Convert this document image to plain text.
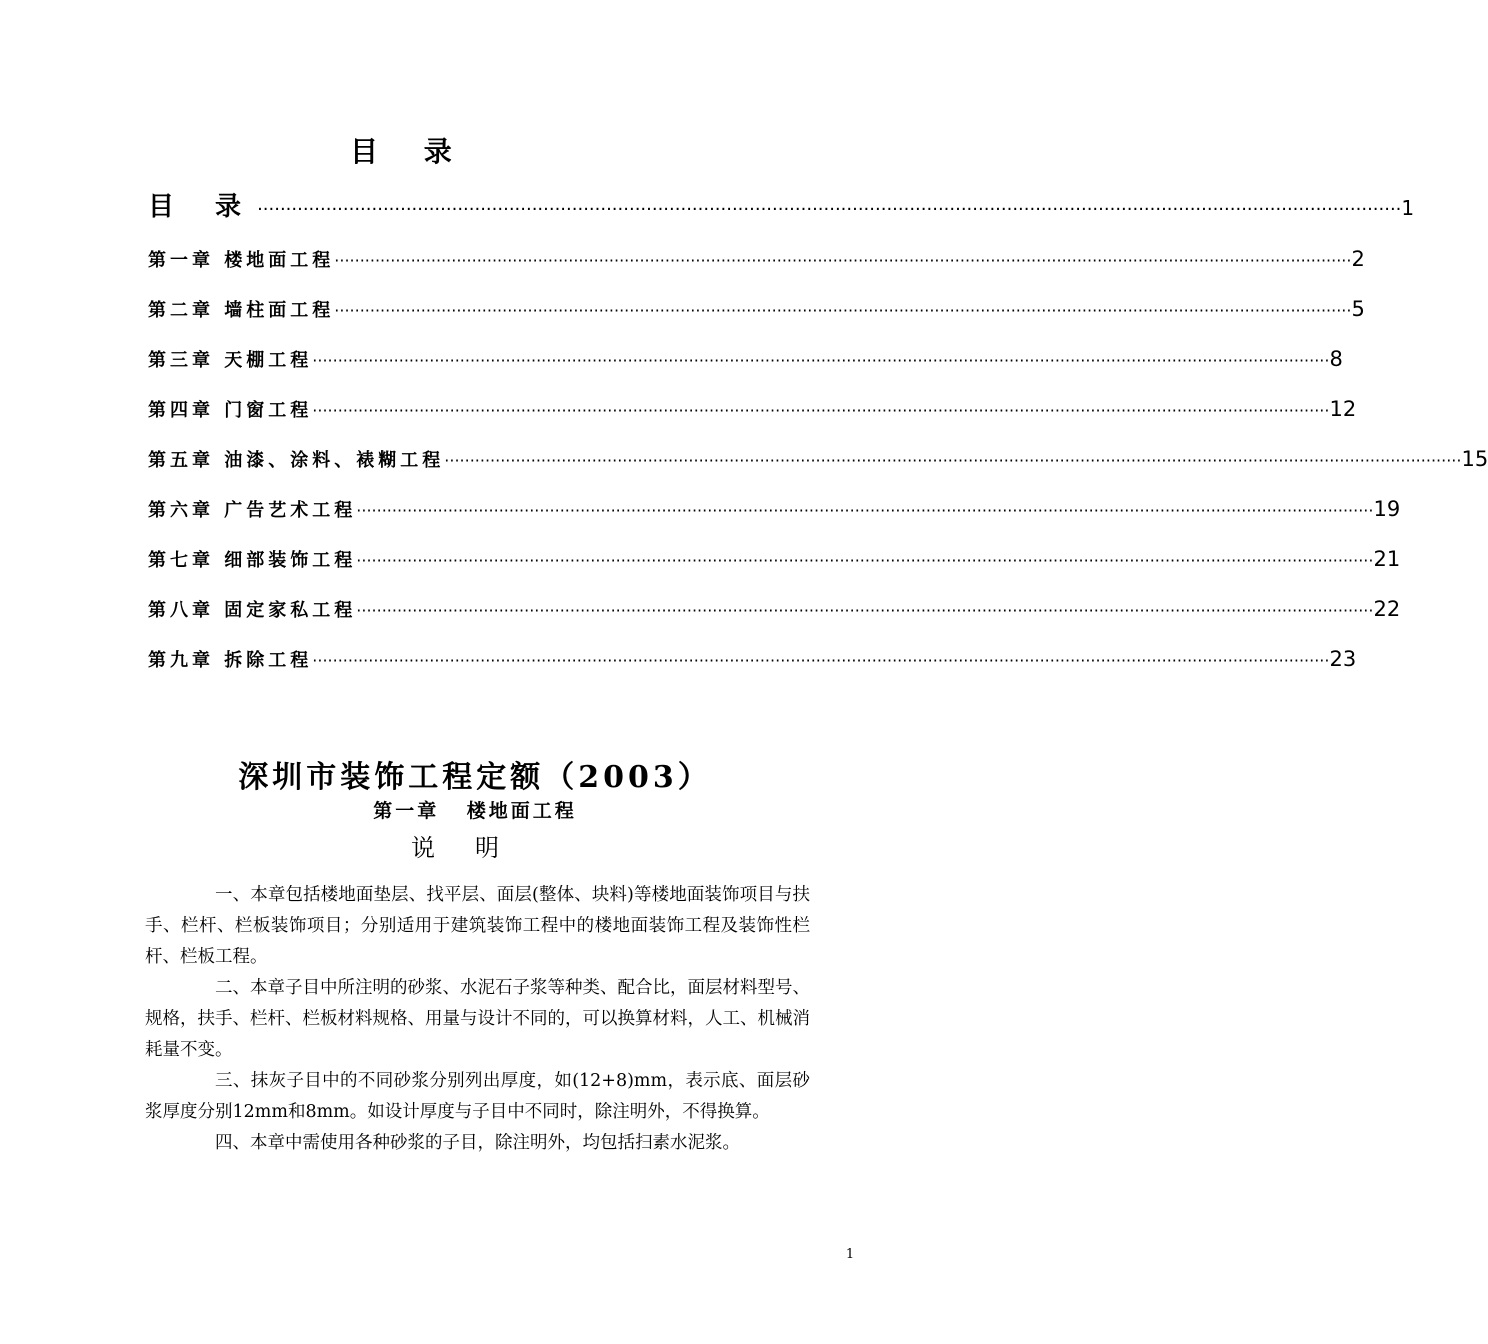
目 录
目 录 ········································································································································································································ 1
第一章 楼地面工程 ········································································································································································································ 2
第二章 墙柱面工程 ········································································································································································································ 5
第三章 天棚工程 ········································································································································································································ 8
第四章 门窗工程 ········································································································································································································ 12
第五章 油漆、涂料、裱糊工程 ········································································································································································································ 15
第六章 广告艺术工程 ········································································································································································································ 19
第七章 细部装饰工程 ········································································································································································································ 21
第八章 固定家私工程 ········································································································································································································ 22
第九章 拆除工程 ········································································································································································································ 23
深圳市装饰工程定额（2003）
第一章 楼地面工程
说明

一、本章包括楼地面垫层、找平层、面层(整体、块料)等楼地面装饰项目与扶手、栏杆、栏板装饰项目；分别适用于建筑装饰工程中的楼地面装饰工程及装饰性栏杆、栏板工程。

二、本章子目中所注明的砂浆、水泥石子浆等种类、配合比，面层材料型号、规格，扶手、栏杆、栏板材料规格、用量与设计不同的，可以换算材料，人工、机械消耗量不变。

三、抹灰子目中的不同砂浆分别列出厚度，如(12+8)mm，表示底、面层砂浆厚度分别12mm和8mm。如设计厚度与子目中不同时，除注明外，不得换算。

四、本章中需使用各种砂浆的子目，除注明外，均包括扫素水泥浆。

1
